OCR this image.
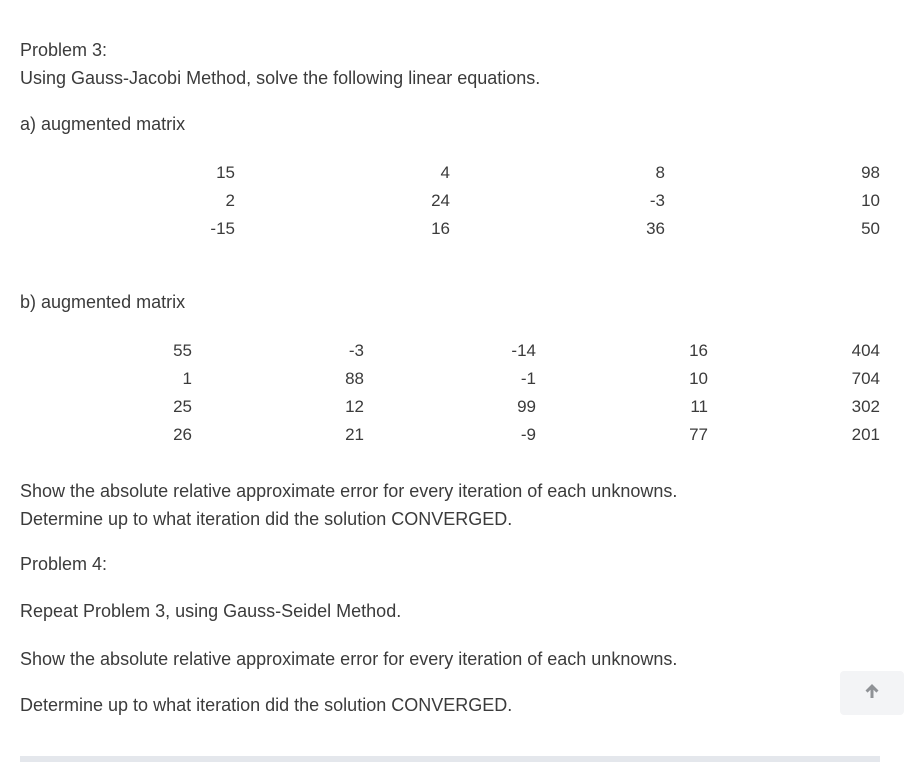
Problem 3:
Using Gauss-Jacobi Method, solve the following linear equations.
a) augmented matrix
15	4	8	98
2	24	-3	10
-15	16	36	50
b) augmented matrix
55	-3	-14	16	404
1	88	-1	10	704
25	12	99	11	302
26	21	-9	77	201
Show the absolute relative approximate error for every iteration of each unknowns.
Determine up to what iteration did the solution CONVERGED.
Problem 4:
Repeat Problem 3, using Gauss-Seidel Method.
Show the absolute relative approximate error for every iteration of each unknowns.
Determine up to what iteration did the solution CONVERGED.
